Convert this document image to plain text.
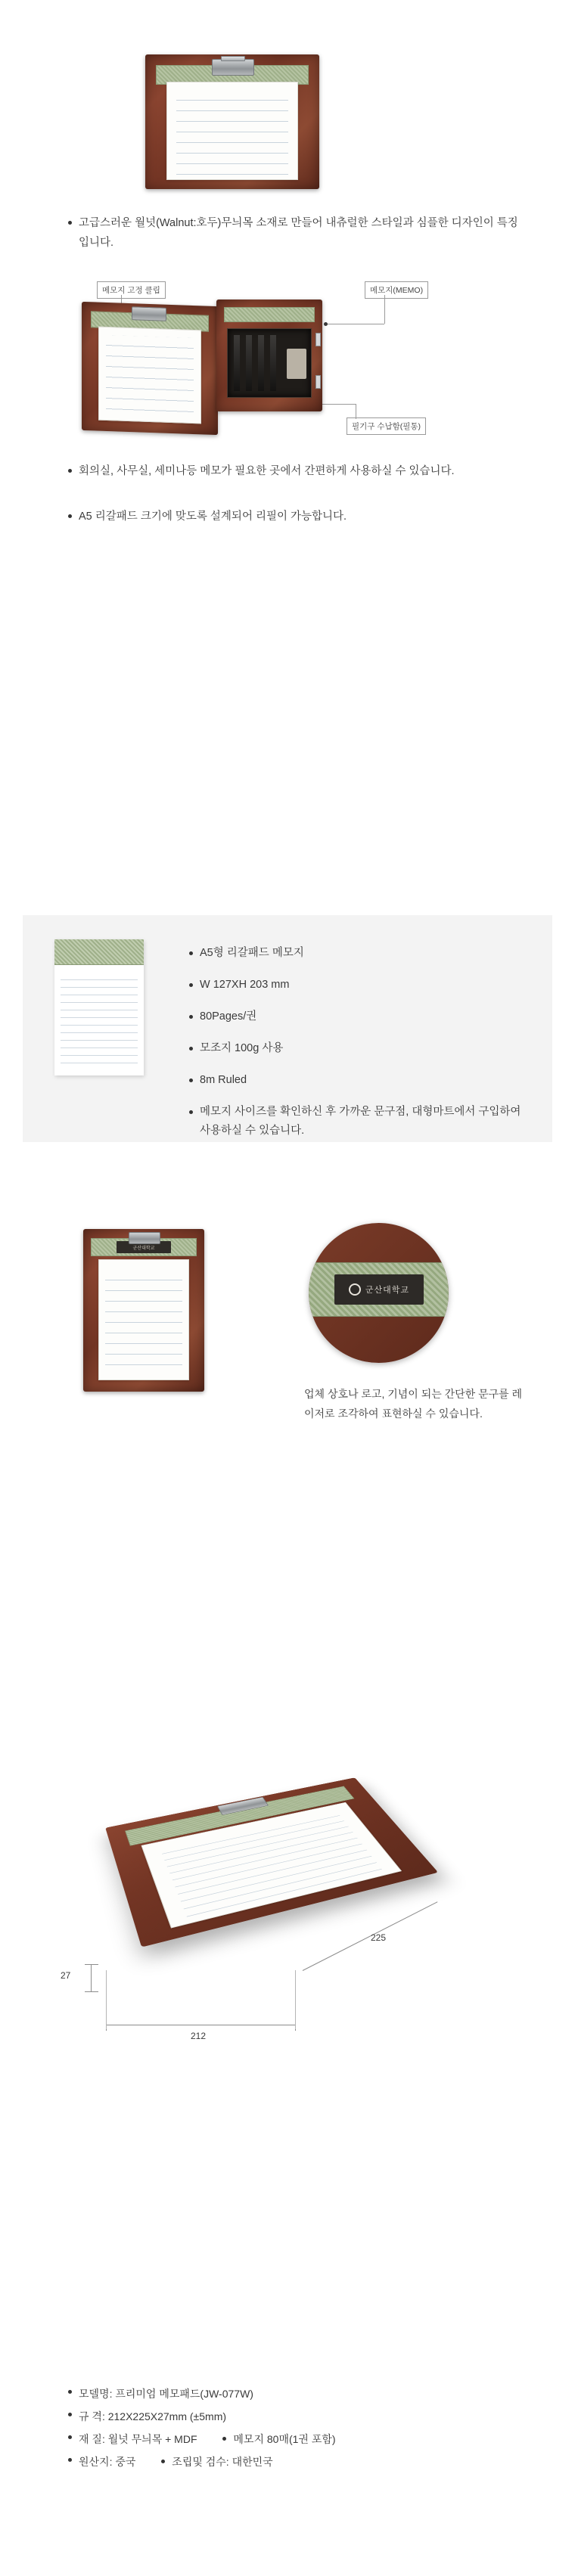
고급스러운 월넛(Walnut:호두)무늬목 소재로 만들어 내츄럴한 스타일과 심플한 디자인이 특징입니다.
메모지 고정 클립	메모지(MEMO)
필기구 수납함(필통)
회의실, 사무실, 세미나등 메모가 필요한 곳에서 간편하게 사용하실 수 있습니다.
A5 리갈패드 크기에 맞도록 설계되어 리필이 가능합니다.
A5형 리갈패드 메모지
W 127XH 203 mm
80Pages/권
모조지 100g 사용
8m Ruled
메모지 사이즈를 확인하신 후 가까운 문구점, 대형마트에서 구입하여 사용하실 수 있습니다.
군산대학교
군산대학교
업체 상호나 로고, 기념이 되는 간단한 문구를 레이저로 조각하여 표현하실 수 있습니다.
27
212
225
모델명: 프리미엄 메모패드(JW-077W)
규 격: 212X225X27mm (±5mm)
재 질: 월넛 무늬목 + MDF	메모지 80매(1권 포함)
원산지: 중국	조립및 검수: 대한민국
